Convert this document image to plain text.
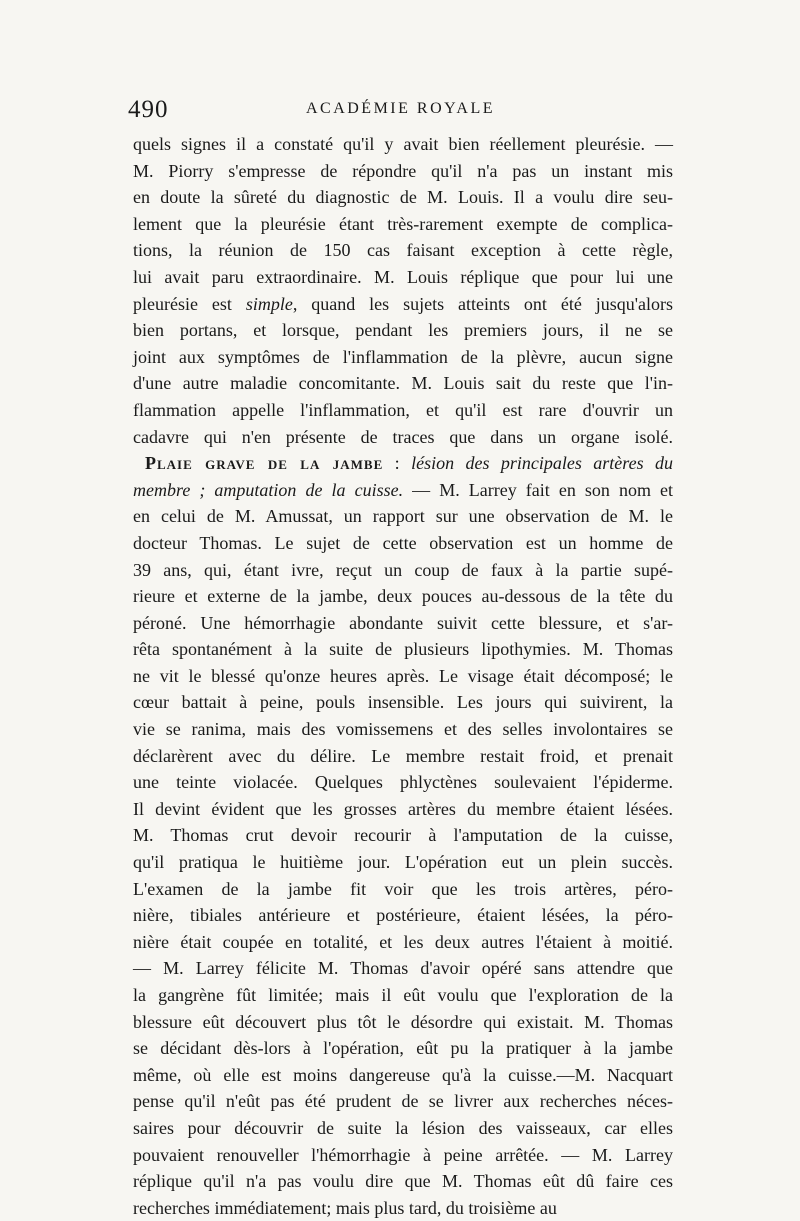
490	ACADÉMIE ROYALE
quels signes il a constaté qu'il y avait bien réellement pleurésie. —
M. Piorry s'empresse de répondre qu'il n'a pas un instant mis
en doute la sûreté du diagnostic de M. Louis. Il a voulu dire seu-
lement que la pleurésie étant très-rarement exempte de complica-
tions, la réunion de 150 cas faisant exception à cette règle,
lui avait paru extraordinaire. M. Louis réplique que pour lui une
pleurésie est simple, quand les sujets atteints ont été jusqu'alors
bien portans, et lorsque, pendant les premiers jours, il ne se
joint aux symptômes de l'inflammation de la plèvre, aucun signe
d'une autre maladie concomitante. M. Louis sait du reste que l'in-
flammation appelle l'inflammation, et qu'il est rare d'ouvrir un
cadavre qui n'en présente de traces que dans un organe isolé.
Plaie grave de la jambe : lésion des principales artères du
membre ; amputation de la cuisse. — M. Larrey fait en son nom et
en celui de M. Amussat, un rapport sur une observation de M. le
docteur Thomas. Le sujet de cette observation est un homme de
39 ans, qui, étant ivre, reçut un coup de faux à la partie supé-
rieure et externe de la jambe, deux pouces au-dessous de la tête du
péroné. Une hémorrhagie abondante suivit cette blessure, et s'ar-
rêta spontanément à la suite de plusieurs lipothymies. M. Thomas
ne vit le blessé qu'onze heures après. Le visage était décomposé; le
cœur battait à peine, pouls insensible. Les jours qui suivirent, la
vie se ranima, mais des vomissemens et des selles involontaires se
déclarèrent avec du délire. Le membre restait froid, et prenait
une teinte violacée. Quelques phlyctènes soulevaient l'épiderme.
Il devint évident que les grosses artères du membre étaient lésées.
M. Thomas crut devoir recourir à l'amputation de la cuisse,
qu'il pratiqua le huitième jour. L'opération eut un plein succès.
L'examen de la jambe fit voir que les trois artères, péro-
nière, tibiales antérieure et postérieure, étaient lésées, la péro-
nière était coupée en totalité, et les deux autres l'étaient à moitié.
— M. Larrey félicite M. Thomas d'avoir opéré sans attendre que
la gangrène fût limitée; mais il eût voulu que l'exploration de la
blessure eût découvert plus tôt le désordre qui existait. M. Thomas
se décidant dès-lors à l'opération, eût pu la pratiquer à la jambe
même, où elle est moins dangereuse qu'à la cuisse.—M. Nacquart
pense qu'il n'eût pas été prudent de se livrer aux recherches néces-
saires pour découvrir de suite la lésion des vaisseaux, car elles
pouvaient renouveller l'hémorrhagie à peine arrêtée. — M. Larrey
réplique qu'il n'a pas voulu dire que M. Thomas eût dû faire ces
recherches immédiatement; mais plus tard, du troisième au
